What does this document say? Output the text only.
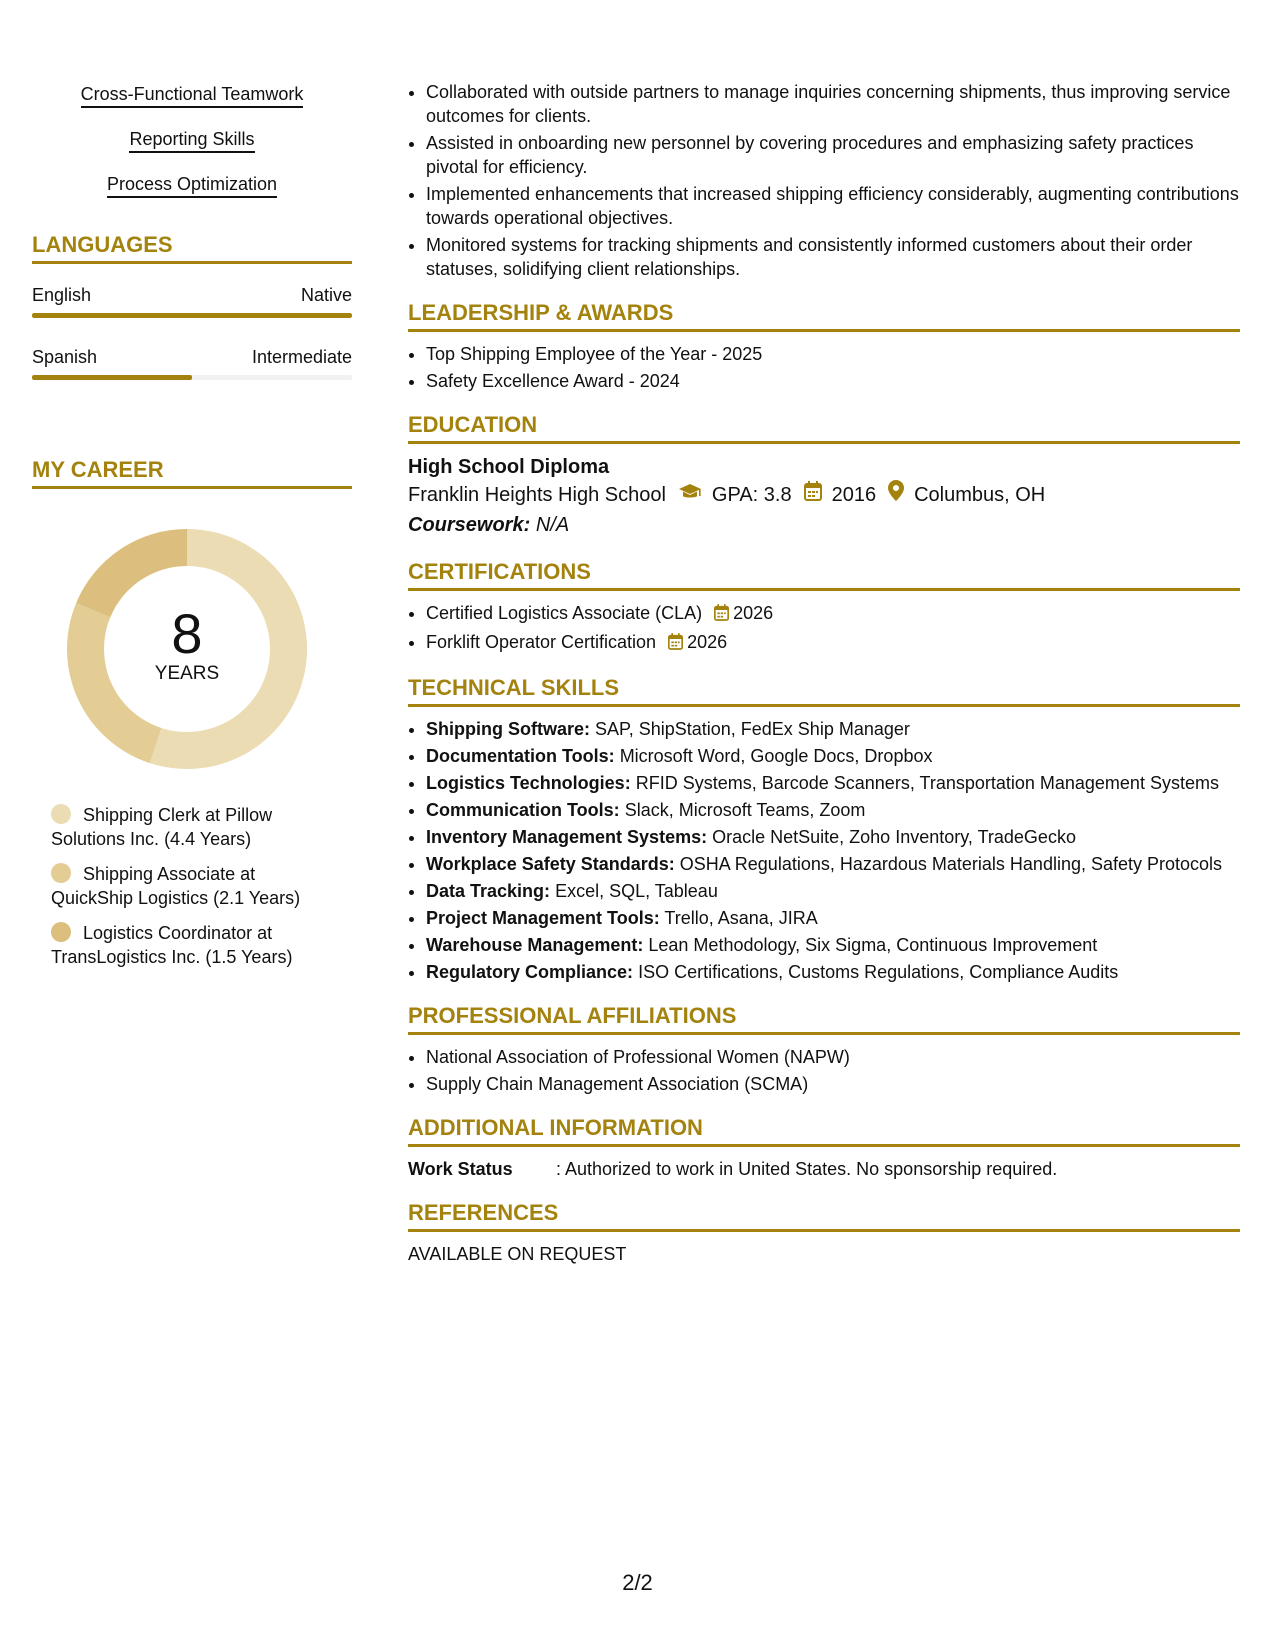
Cross-Functional Teamwork
Reporting Skills
Process Optimization
LANGUAGES
English	Native
Spanish	Intermediate
MY CAREER
8
YEARS
Shipping Clerk at Pillow Solutions Inc. (4.4 Years)
Shipping Associate at QuickShip Logistics (2.1 Years)
Logistics Coordinator at TransLogistics Inc. (1.5 Years)
• Collaborated with outside partners to manage inquiries concerning shipments, thus improving service outcomes for clients.
• Assisted in onboarding new personnel by covering procedures and emphasizing safety practices pivotal for efficiency.
• Implemented enhancements that increased shipping efficiency considerably, augmenting contributions towards operational objectives.
• Monitored systems for tracking shipments and consistently informed customers about their order statuses, solidifying client relationships.
LEADERSHIP & AWARDS
• Top Shipping Employee of the Year - 2025
• Safety Excellence Award - 2024
EDUCATION
High School Diploma
Franklin Heights High School GPA: 3.8 2016 Columbus, OH
Coursework: N/A
CERTIFICATIONS
• Certified Logistics Associate (CLA) 2026
• Forklift Operator Certification 2026
TECHNICAL SKILLS
• Shipping Software: SAP, ShipStation, FedEx Ship Manager
• Documentation Tools: Microsoft Word, Google Docs, Dropbox
• Logistics Technologies: RFID Systems, Barcode Scanners, Transportation Management Systems
• Communication Tools: Slack, Microsoft Teams, Zoom
• Inventory Management Systems: Oracle NetSuite, Zoho Inventory, TradeGecko
• Workplace Safety Standards: OSHA Regulations, Hazardous Materials Handling, Safety Protocols
• Data Tracking: Excel, SQL, Tableau
• Project Management Tools: Trello, Asana, JIRA
• Warehouse Management: Lean Methodology, Six Sigma, Continuous Improvement
• Regulatory Compliance: ISO Certifications, Customs Regulations, Compliance Audits
PROFESSIONAL AFFILIATIONS
• National Association of Professional Women (NAPW)
• Supply Chain Management Association (SCMA)
ADDITIONAL INFORMATION
Work Status	: Authorized to work in United States. No sponsorship required.
REFERENCES
AVAILABLE ON REQUEST
2/2
